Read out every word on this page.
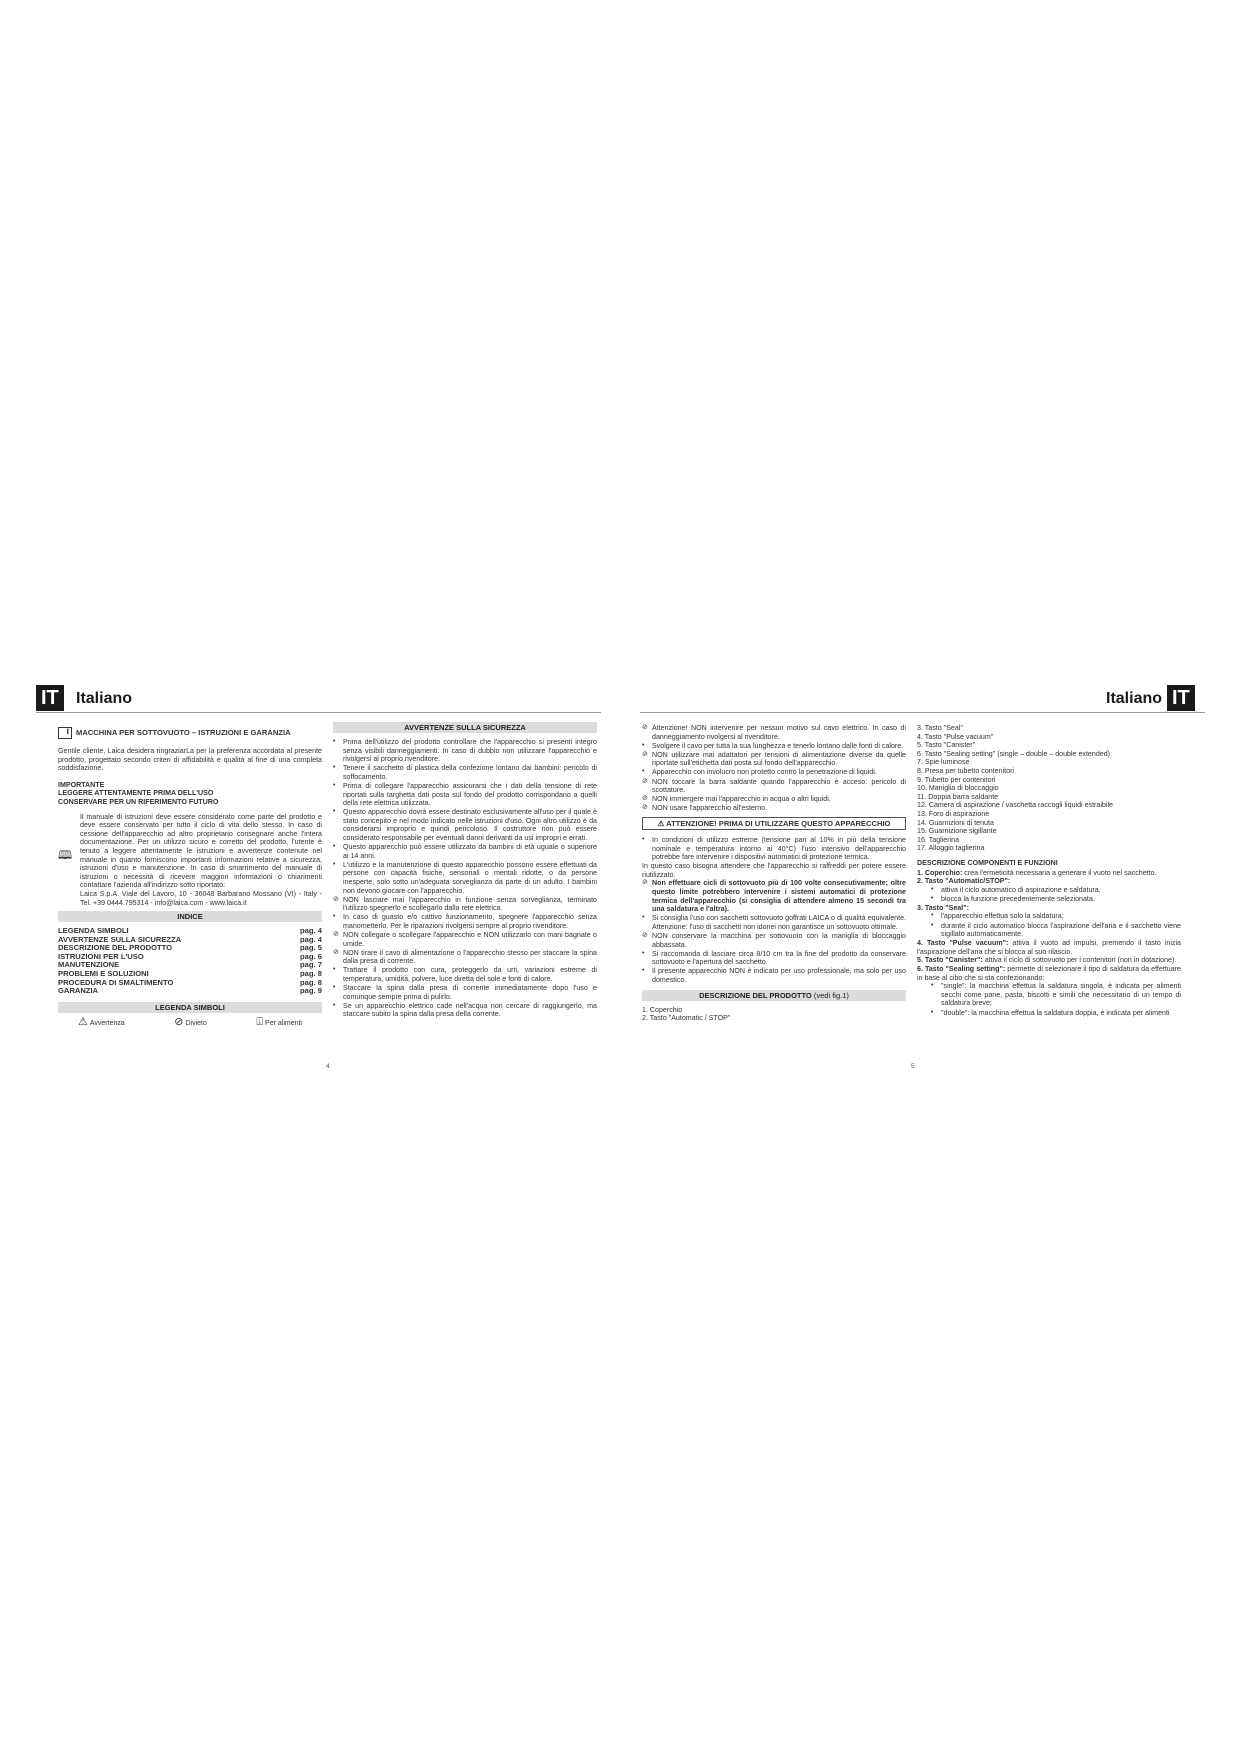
IT	Italiano	Italiano IT
i
MACCHINA PER SOTTOVUOTO – ISTRUZIONI E GARANZIA

Gentile cliente, Laica desidera ringraziarLa per la preferenza accordata al presente prodotto, progettato secondo criteri di affidabilità e qualità al fine di una completa soddisfazione.

IMPORTANTE
LEGGERE ATTENTAMENTE PRIMA DELL'USO
CONSERVARE PER UN RIFERIMENTO FUTURO
🕮

Il manuale di istruzioni deve essere considerato come parte del prodotto e deve essere conservato per tutto il ciclo di vita dello stesso. In caso di cessione dell'apparecchio ad altro proprietario consegnare anche l'intera documentazione. Per un utilizzo sicuro e corretto del prodotto, l'utente è tenuto a leggere attentamente le istruzioni e avvertenze contenute nel manuale in quanto forniscono importanti informazioni relative a sicurezza, istruzioni d'uso e manutenzione. In caso di smarrimento del manuale di istruzioni o necessità di ricevere maggiori informazioni o chiarimenti contattare l'azienda all'indirizzo sotto riportato:

Laica S.p.A. Viale del Lavoro, 10 - 36048 Barbarano Mossano (VI) - Italy - Tel. +39 0444.795314 - info@laica.com - www.laica.it

INDICE
LEGENDA SIMBOLI	pag. 4
AVVERTENZE SULLA SICUREZZA	pag. 4
DESCRIZIONE DEL PRODOTTO	pag. 5
ISTRUZIONI PER L'USO	pag. 6
MANUTENZIONE	pag. 7
PROBLEMI E SOLUZIONI	pag. 8
PROCEDURA DI SMALTIMENTO	pag. 8
GARANZIA	pag. 9
LEGENDA SIMBOLI
⚠ Avvertenza	⊘ Divieto	⍗ Per alimenti
AVVERTENZE SULLA SICUREZZA
• Prima dell'utilizzo del prodotto controllare che l'apparecchio si presenti integro senza visibili danneggiamenti. In caso di dubbio non utilizzare l'apparecchio e rivolgersi al proprio rivenditore.
• Tenere il sacchetto di plastica della confezione lontano dai bambini: pericolo di soffocamento.
• Prima di collegare l'apparecchio assicurarsi che i dati della tensione di rete riportati sulla targhetta dati posta sul fondo del prodotto corrispondano a quelli della rete elettrica utilizzata.
• Questo apparecchio dovrà essere destinato esclusivamente all'uso per il quale è stato concepito e nel modo indicato nelle istruzioni d'uso. Ogni altro utilizzo è da considerarsi improprio e quindi pericoloso. Il costruttore non può essere considerato responsabile per eventuali danni derivanti da usi impropri e errati.
• Questo apparecchio può essere utilizzato da bambini di età uguale o superiore ai 14 anni.
• L'utilizzo e la manutenzione di questo apparecchio possono essere effettuati da persone con capacità fisiche, sensoriali o mentali ridotte, o da persone inesperte, solo sotto un'adeguata sorveglianza da parte di un adulto. I bambini non devono giocare con l'apparecchio.
⊘ NON lasciare mai l'apparecchio in funzione senza sorveglianza, terminato l'utilizzo spegnerlo e scollegarlo dalla rete elettrica.
• In caso di guasto e/o cattivo funzionamento, spegnere l'apparecchio senza manometterlo. Per le riparazioni rivolgersi sempre al proprio rivenditore.
⊘ NON collegare o scollegare l'apparecchio e NON utilizzarlo con mani bagnate o umide.
⊘ NON tirare il cavo di alimentazione o l'apparecchio stesso per staccare la spina dalla presa di corrente.
• Trattare il prodotto con cura, proteggerlo da urti, variazioni estreme di temperatura, umidità, polvere, luce diretta del sole e fonti di calore.
• Staccare la spina dalla presa di corrente immediatamente dopo l'uso e comunque sempre prima di pulirlo.
• Se un apparecchio elettrico cade nell'acqua non cercare di raggiungerlo, ma staccare subito la spina dalla presa della corrente.
4
⊘ Attenzione! NON intervenire per nessun motivo sul cavo elettrico. In caso di danneggiamento rivolgersi al rivenditore.
• Svolgere il cavo per tutta la sua lunghezza e tenerlo lontano dalle fonti di calore.
⊘ NON utilizzare mai adattatori per tensioni di alimentazione diverse da quelle riportate sull'etichetta dati posta sul fondo dell'apparecchio.
• Apparecchio con involucro non protetto contro la penetrazione di liquidi.
⊘ NON toccare la barra saldante quando l'apparecchio è acceso: pericolo di scottature.
⊘ NON immergere mai l'apparecchio in acqua o altri liquidi.
⊘ NON usare l'apparecchio all'esterno.
⚠ ATTENZIONE! PRIMA DI UTILIZZARE QUESTO APPARECCHIO
• In condizioni di utilizzo estreme (tensione pari al 10% in più della tensione nominale e temperatura intorno ai 40°C) l'uso intensivo dell'apparecchio potrebbe fare intervenire i dispositivi automatici di protezione termica.

In questo caso bisogna attendere che l'apparecchio si raffreddi per potere essere riutilizzato.

⊘ Non effettuare cicli di sottovuoto più di 100 volte consecutivamente; oltre questo limite potrebbero intervenire i sistemi automatici di protezione termica dell'apparecchio (si consiglia di attendere almeno 15 secondi tra una saldatura e l'altra).
• Si consiglia l'uso con sacchetti sottovuoto goffrati LAICA o di qualità equivalente. Attenzione: l'uso di sacchetti non idonei non garantisce un sottovuoto ottimale.
⊘ NON conservare la macchina per sottovuoto con la maniglia di bloccaggio abbassata.
• Si raccomanda di lasciare circa 8/10 cm tra la fine del prodotto da conservare sottovuoto e l'apertura del sacchetto.
• Il presente apparecchio NON è indicato per uso professionale, ma solo per uso domestico.
DESCRIZIONE DEL PRODOTTO (vedi fig.1)
1. Coperchio
2. Tasto "Automatic / STOP"
5
3. Tasto "Seal"
4. Tasto "Pulse vacuum"
5. Tasto "Canister"
6. Tasto "Sealing setting" (single – double – double extended)
7. Spie luminose
8. Presa per tubetto contenitori
9. Tubetto per contenitori
10. Maniglia di bloccaggio
11. Doppia barra saldante
12. Camera di aspirazione / vaschetta raccogli liquidi estraibile
13. Foro di aspirazione
14. Guarnizioni di tenuta
15. Guarnizione sigillante
16. Taglierina
17. Alloggio taglierina
DESCRIZIONE COMPONENTI E FUNZIONI
1. Coperchio: crea l'ermeticità necessaria a generare il vuoto nel sacchetto.
2. Tasto "Automatic/STOP":
• attiva il ciclo automatico di aspirazione e saldatura,
• blocca la funzione precedentemente selezionata.
3. Tasto "Seal":
• l'apparecchio effettua solo la saldatura;
• durante il ciclo automatico blocca l'aspirazione dell'aria e il sacchetto viene sigillato automaticamente.

4. Tasto "Pulse vacuum": attiva il vuoto ad impulsi, premendo il tasto inizia l'aspirazione dell'aria che si blocca al suo rilascio.

5. Tasto "Canister": attiva il ciclo di sottovuoto per i contenitori (non in dotazione).

6. Tasto "Sealing setting": permette di selezionare il tipo di saldatura da effettuare in base al cibo che si sta confezionando:

• "single": la macchina effettua la saldatura singola, è indicata per alimenti secchi come pane, pasta, biscotti e simili che necessitano di un tempo di saldatura breve;
• "double": la macchina effettua la saldatura doppia, è indicata per alimenti
